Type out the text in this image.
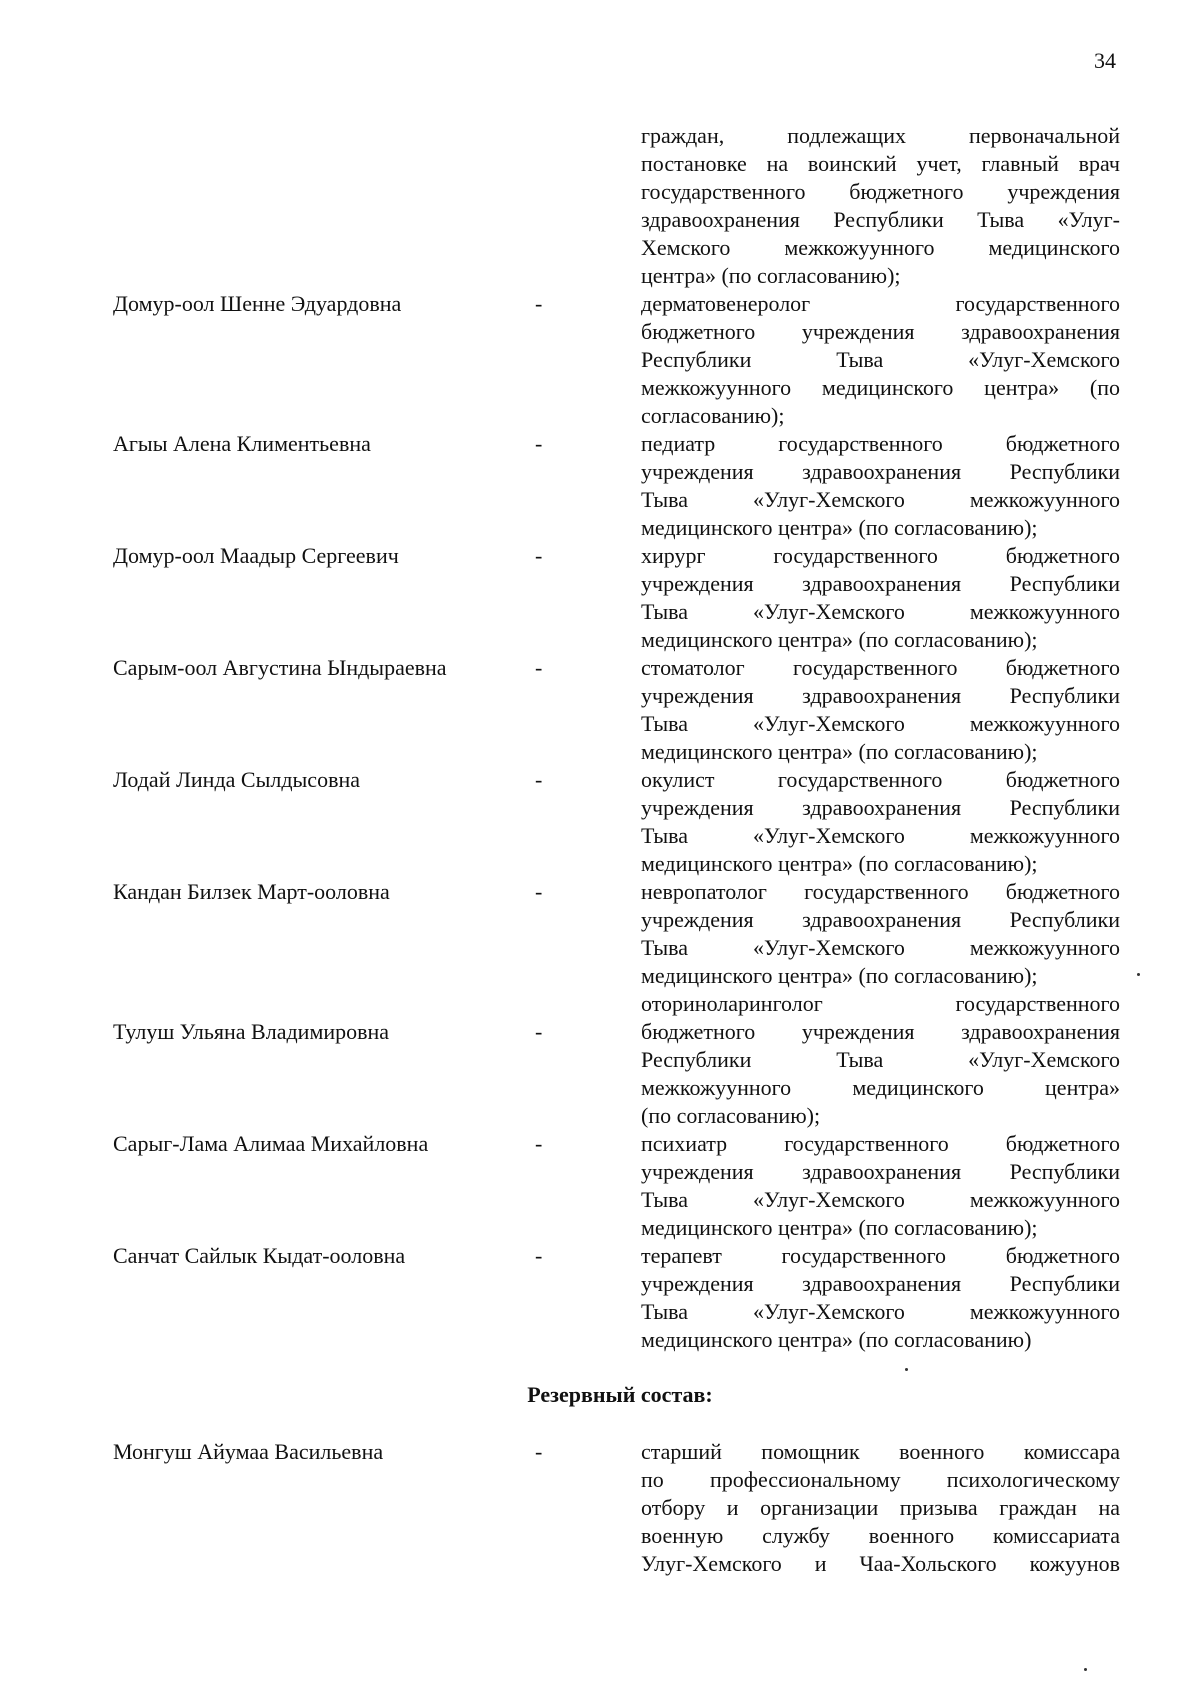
34
граждан, подлежащих первоначальной
постановке на воинский учет, главный врач
государственного бюджетного учреждения
здравоохранения Республики Тыва «Улуг-
Хемского межкожуунного медицинского
центра» (по согласованию);
Домур-оол Шенне Эдуардовна	-	дерматовенеролог государственного
бюджетного учреждения здравоохранения
Республики Тыва «Улуг-Хемского
межкожуунного медицинского центра» (по
согласованию);
Агыы Алена Климентьевна	-	педиатр государственного бюджетного
учреждения здравоохранения Республики
Тыва «Улуг-Хемского межкожуунного
медицинского центра» (по согласованию);
Домур-оол Маадыр Сергеевич	-	хирург государственного бюджетного
учреждения здравоохранения Республики
Тыва «Улуг-Хемского межкожуунного
медицинского центра» (по согласованию);
Сарым-оол Августина Ындыраевна	-	стоматолог государственного бюджетного
учреждения здравоохранения Республики
Тыва «Улуг-Хемского межкожуунного
медицинского центра» (по согласованию);
Лодай Линда Сылдысовна	-	окулист государственного бюджетного
учреждения здравоохранения Республики
Тыва «Улуг-Хемского межкожуунного
медицинского центра» (по согласованию);
Кандан Билзек Март-ооловна	-	невропатолог государственного бюджетного
учреждения здравоохранения Республики
Тыва «Улуг-Хемского межкожуунного
медицинского центра» (по согласованию);
Тулуш Ульяна Владимировна	-
оториноларинголог государственного
бюджетного учреждения здравоохранения
Республики Тыва «Улуг-Хемского
межкожуунного медицинского центра»
(по согласованию);
Сарыг-Лама Алимаа Михайловна	-	психиатр государственного бюджетного
учреждения здравоохранения Республики
Тыва «Улуг-Хемского межкожуунного
медицинского центра» (по согласованию);
Санчат Сайлык Кыдат-ооловна	-	терапевт государственного бюджетного
учреждения здравоохранения Республики
Тыва «Улуг-Хемского межкожуунного
медицинского центра» (по согласованию)
Резервный состав:
Монгуш Айумаа Васильевна	-	старший помощник военного комиссара
по профессиональному психологическому
отбору и организации призыва граждан на
военную службу военного комиссариата
Улуг-Хемского и Чаа-Хольского кожуунов
